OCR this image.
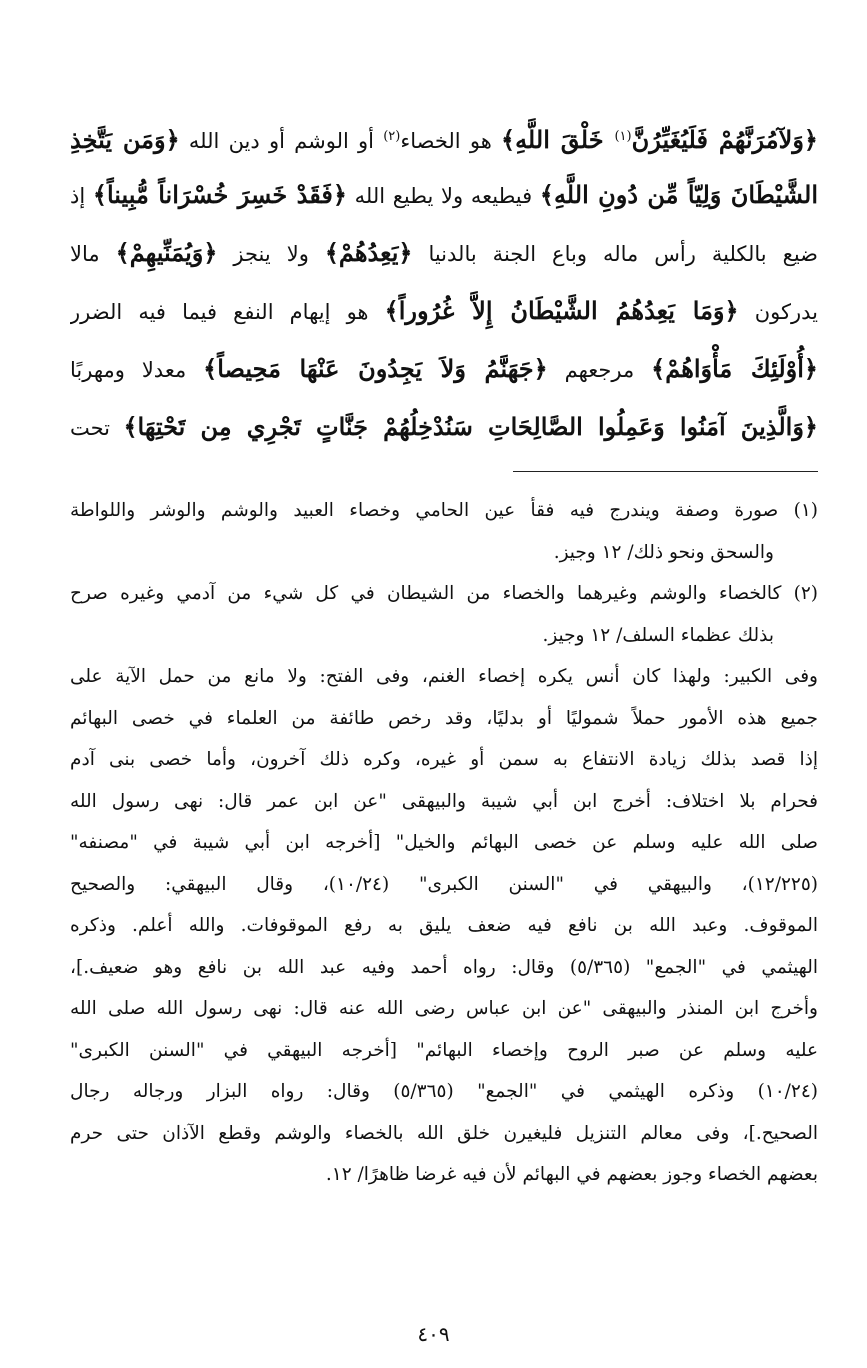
﴿وَلآمُرَنَّهُمْ فَلَيُغَيِّرُنَّ$^{(١)}$ خَلْقَ اللَّهِ﴾ هو الخصاء$^{(٢)}$ أو الوشم أو دين الله ﴿وَمَن يَتَّخِذِ
الشَّيْطَانَ وَلِيّاً مِّن دُونِ اللَّهِ﴾ فيطيعه ولا يطيع الله ﴿فَقَدْ خَسِرَ خُسْرَاناً مُّبِيناً﴾ إذ
ضيع بالكلية رأس ماله وباع الجنة بالدنيا ﴿يَعِدُهُمْ﴾ ولا ينجز ﴿وَيُمَنِّيهِمْ﴾ مالا
يدركون ﴿وَمَا يَعِدُهُمُ الشَّيْطَانُ إِلاَّ غُرُوراً﴾ هو إيهام النفع فيما فيه الضرر
﴿أُوْلَئِكَ مَأْوَاهُمْ﴾ مرجعهم ﴿جَهَنَّمُ وَلاَ يَجِدُونَ عَنْهَا مَحِيصاً﴾ معدلا ومهربًا
﴿وَالَّذِينَ آمَنُوا وَعَمِلُوا الصَّالِحَاتِ سَنُدْخِلُهُمْ جَنَّاتٍ تَجْرِي مِن تَحْتِهَا﴾ تحت
(١) صورة وصفة ويندرج فيه فقأ عين الحامي وخصاء العبيد والوشم والوشر واللواطة
والسحق ونحو ذلك/ ١٢ وجيز.
(٢) كالخصاء والوشم وغيرهما والخصاء من الشيطان في كل شيء من آدمي وغيره صرح
بذلك عظماء السلف/ ١٢ وجيز.
وفى الكبير: ولهذا كان أنس يكره إخصاء الغنم، وفى الفتح: ولا مانع من حمل الآية على
جميع هذه الأمور حملاً شموليًا أو بدليًا، وقد رخص طائفة من العلماء في خصى البهائم
إذا قصد بذلك زيادة الانتفاع به سمن أو غيره، وكره ذلك آخرون، وأما خصى بنى آدم
فحرام بلا اختلاف: أخرج ابن أبي شيبة والبيهقى "عن ابن عمر قال: نهى رسول الله
صلى الله عليه وسلم عن خصى البهائم والخيل" [أخرجه ابن أبي شيبة في "مصنفه"
(١٢/٢٢٥)، والبيهقي في "السنن الكبرى" (١٠/٢٤)، وقال البيهقي: والصحيح
الموقوف. وعبد الله بن نافع فيه ضعف يليق به رفع الموقوفات. والله أعلم. وذكره
الهيثمي في "الجمع" (٥/٣٦٥) وقال: رواه أحمد وفيه عبد الله بن نافع وهو ضعيف.]،
وأخرج ابن المنذر والبيهقى "عن ابن عباس رضى الله عنه قال: نهى رسول الله صلى الله
عليه وسلم عن صبر الروح وإخصاء البهائم" [أخرجه البيهقي في "السنن الكبرى"
(١٠/٢٤) وذكره الهيثمي في "الجمع" (٥/٣٦٥) وقال: رواه البزار ورجاله رجال
الصحيح.]، وفى معالم التنزيل فليغيرن خلق الله بالخصاء والوشم وقطع الآذان حتى حرم
بعضهم الخصاء وجوز بعضهم في البهائم لأن فيه غرضا ظاهرًا/ ١٢.
٤٠٩
